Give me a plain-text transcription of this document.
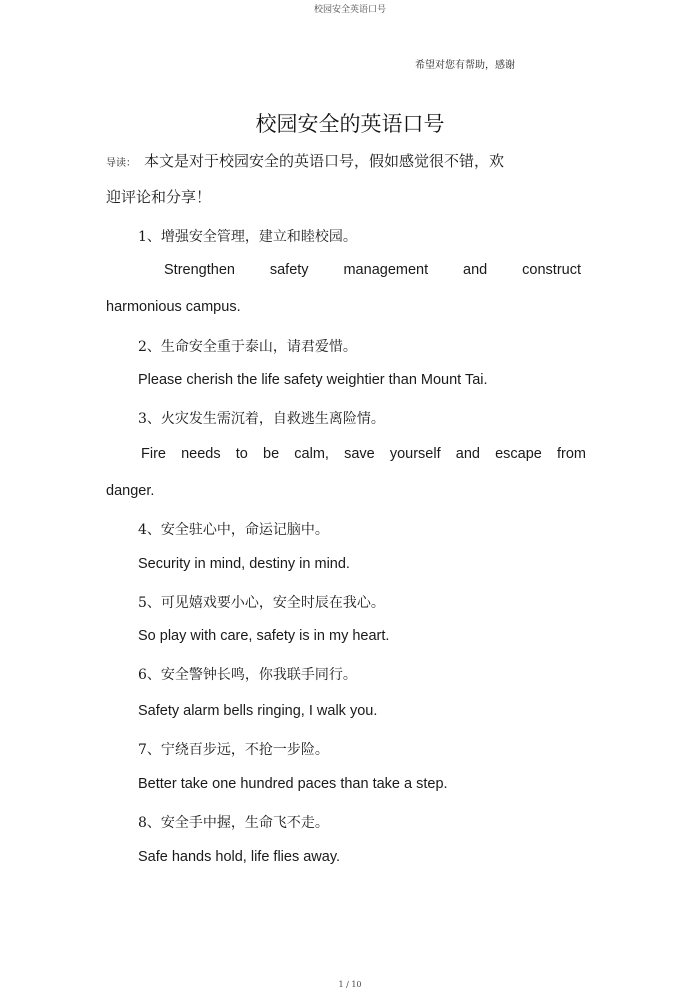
校园安全英语口号
希望对您有帮助，感谢
校园安全的英语口号
导读： 本文是对于校园安全的英语口号，假如感觉很不错，欢
迎评论和分享！
1、增强安全管理，建立和睦校园。
Strengthen safety management and construct
harmonious campus.
2、生命安全重于泰山，请君爱惜。
Please cherish the life safety weightier than Mount Tai.
3、火灾发生需沉着，自救逃生离险情。
Fire needs to be calm, save yourself and escape from
danger.
4、安全驻心中，命运记脑中。
Security in mind, destiny in mind.
5、可见嬉戏要小心，安全时辰在我心。
So play with care, safety is in my heart.
6、安全警钟长鸣，你我联手同行。
Safety alarm bells ringing, I walk you.
7、宁绕百步远，不抢一步险。
Better take one hundred paces than take a step.
8、安全手中握，生命飞不走。
Safe hands hold, life flies away.
1 / 10
